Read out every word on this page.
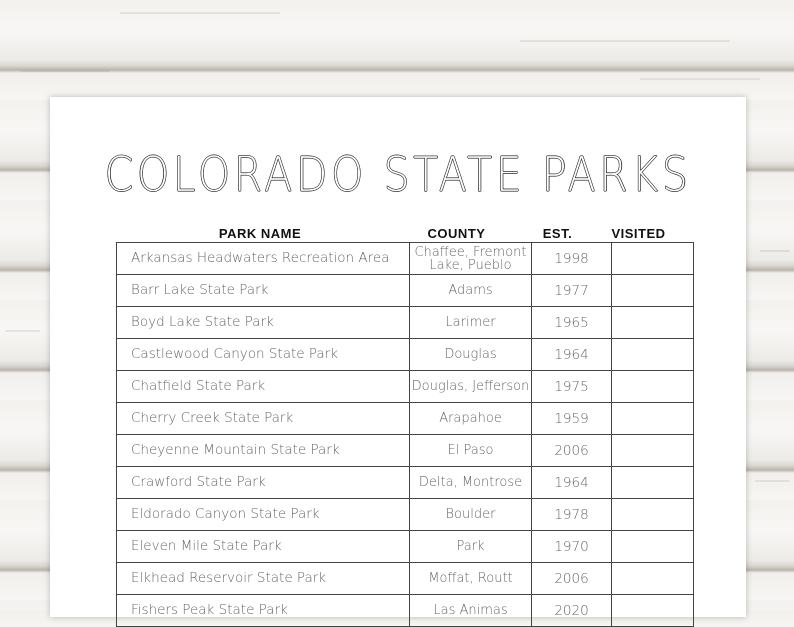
COLORADO STATE PARKS
PARK NAME	COUNTY	EST.	VISITED
Arkansas Headwaters Recreation Area	Chaffee, Fremont Lake, Pueblo	1998	
Barr Lake State Park	Adams	1977	
Boyd Lake State Park	Larimer	1965	
Castlewood Canyon State Park	Douglas	1964	
Chatfield State Park	Douglas, Jefferson	1975	
Cherry Creek State Park	Arapahoe	1959	
Cheyenne Mountain State Park	El Paso	2006	
Crawford State Park	Delta, Montrose	1964	
Eldorado Canyon State Park	Boulder	1978	
Eleven Mile State Park	Park	1970	
Elkhead Reservoir State Park	Moffat, Routt	2006	
Fishers Peak State Park	Las Animas	2020	
